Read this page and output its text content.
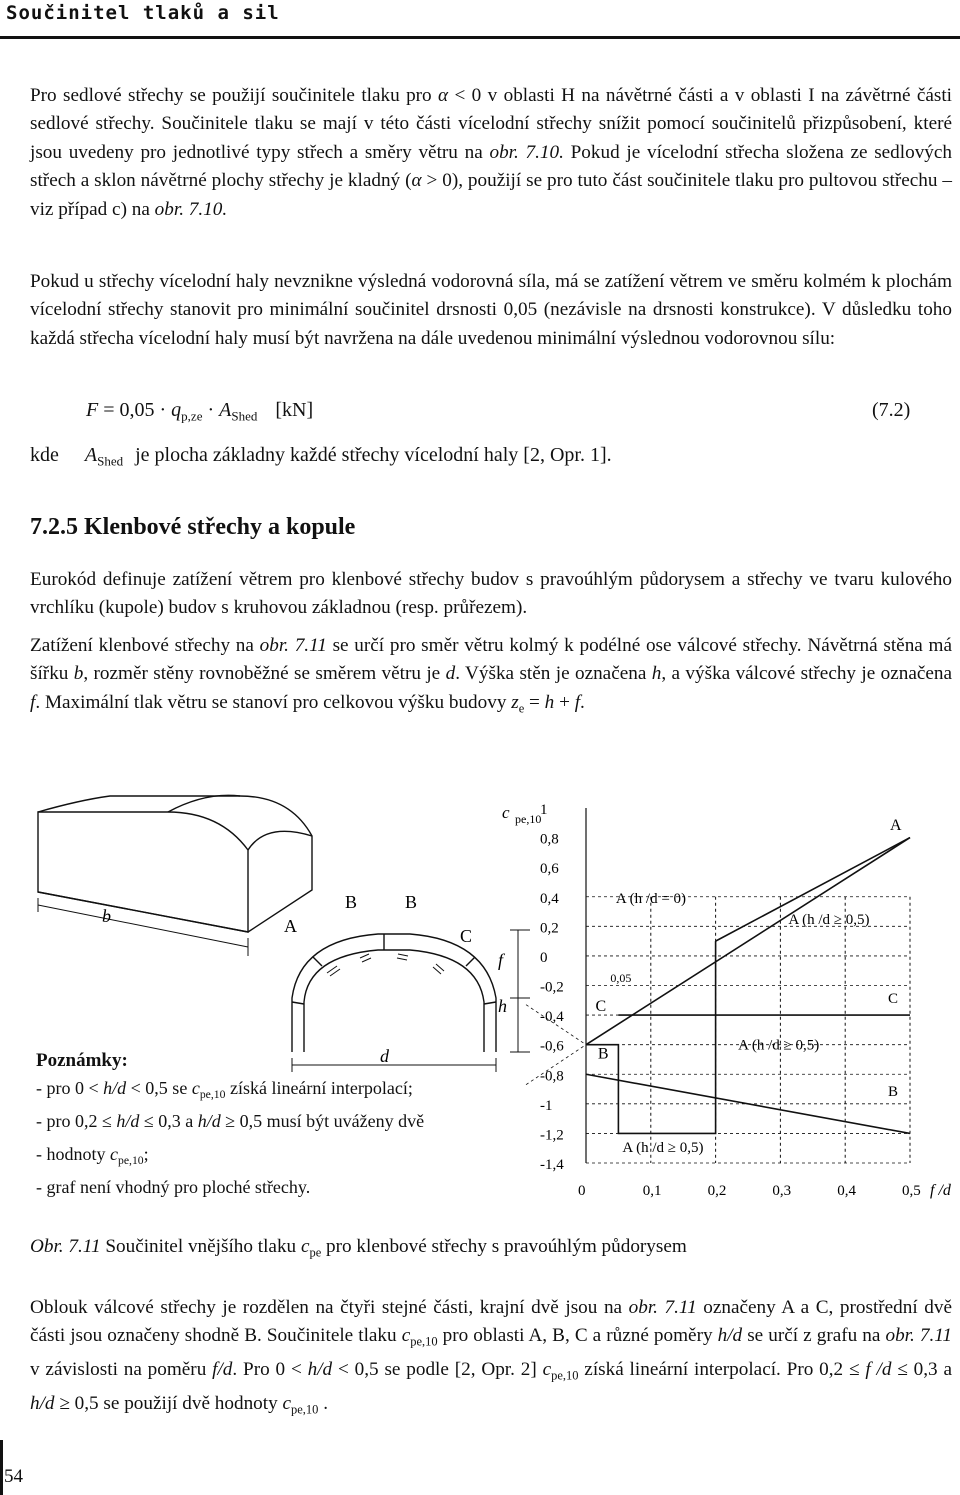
Součinitel tlaků a sil

Pro sedlové střechy se použijí součinitele tlaku pro α < 0 v oblasti H na návětrné části a v oblasti I na závětrné části sedlové střechy. Součinitele tlaku se mají v této části vícelodní střechy snížit pomocí součinitelů přizpůsobení, které jsou uvedeny pro jednotlivé typy střech a směry větru na obr. 7.10. Pokud je vícelodní střecha složena ze sedlových střech a sklon návětrné plochy střechy je kladný (α > 0), použijí se pro tuto část součinitele tlaku pro pultovou střechu – viz případ c) na obr. 7.10.

Pokud u střechy vícelodní haly nevznikne výsledná vodorovná síla, má se zatížení větrem ve směru kolmém k plochám vícelodní střechy stanovit pro minimální součinitel drsnosti 0,05 (nezávisle na drsnosti konstrukce). V důsledku toho každá střecha vícelodní haly musí být navržena na dále uvedenou minimální výslednou vodorovnou sílu:

$F = 0,05 \cdot q_{p,ze} \cdot A_{Shed}$ [kN]	(7.2)
kde $A_{Shed}$ je plocha základny každé střechy vícelodní haly [2, Opr. 1].
7.2.5 Klenbové střechy a kopule

Eurokód definuje zatížení větrem pro klenbové střechy budov s pravoúhlým půdorysem a střechy ve tvaru kulového vrchlíku (kupole) budov s kruhovou základnou (resp. průřezem).

Zatížení klenbové střechy na obr. 7.11 se určí pro směr větru kolmý k podélné ose válcové střechy. Návětrná stěna má šířku b, rozměr stěny rovnoběžné se směrem větru je d. Výška stěn je označena h, a výška válcové střechy je označena f. Maximální tlak větru se stanoví pro celkovou výšku budovy $z_e = h + f$.

b	A
B	B
C
f
h
d
Poznámky:
- pro 0 < h/d < 0,5 se $c_{pe,10}$ získá lineární interpolací;
- pro 0,2 ≤ h/d ≤ 0,3 a h/d ≥ 0,5 musí být uváženy dvě
- hodnoty $c_{pe,10}$;
- graf není vhodný pro ploché střechy.	0	0,1	0,2	0,3	0,4	0,5
1
0,8
0,6
0,4
0,2
0
-0,2
-0,4
-0,6
-0,8
-1
-1,2
-1,4
c pe,10
0,05
f /d
A (h /d = 0)
A (h /d ≥ 0,5)
A (h /d ≥ 0,5)
B
C
A
C
B	A (h /d ≥ 0,5)
Obr. 7.11 Součinitel vnějšího tlaku $c_{pe}$ pro klenbové střechy s pravoúhlým půdorysem

Oblouk válcové střechy je rozdělen na čtyři stejné části, krajní dvě jsou na obr. 7.11 označeny A a C, prostřední dvě části jsou označeny shodně B. Součinitele tlaku $c_{pe,10}$ pro oblasti A, B, C a různé poměry h/d se určí z grafu na obr. 7.11 v závislosti na poměru f/d. Pro 0 < h/d < 0,5 se podle [2, Opr. 2] $c_{pe,10}$ získá lineární interpolací. Pro 0,2 ≤ f /d ≤ 0,3 a h/d ≥ 0,5 se použijí dvě hodnoty $c_{pe,10}$ .

54
